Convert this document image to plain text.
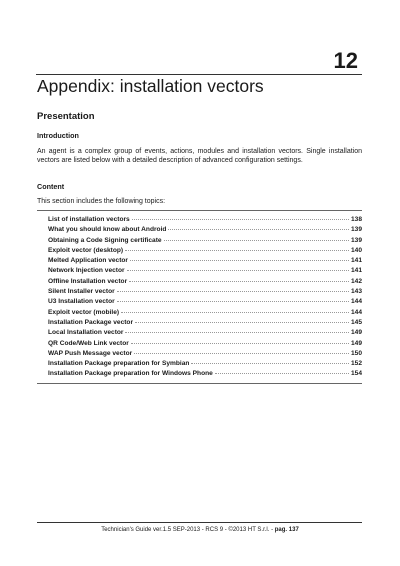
12
Appendix: installation vectors
Presentation
Introduction
An agent is a complex group of events, actions, modules and installation vectors. Single installation vectors are listed below with a detailed description of advanced configuration settings.
Content
This section includes the following topics:
List of installation vectors	138
What you should know about Android	139
Obtaining a Code Signing certificate	139
Exploit vector (desktop)	140
Melted Application vector	141
Network Injection vector	141
Offline Installation vector	142
Silent Installer vector	143
U3 Installation vector	144
Exploit vector (mobile)	144
Installation Package vector	145
Local Installation vector	149
QR Code/Web Link vector	149
WAP Push Message vector	150
Installation Package preparation for Symbian	152
Installation Package preparation for Windows Phone	154
Technician's Guide ver.1.5 SEP-2013 - RCS 9 - ©2013 HT S.r.l. - pag. 137
